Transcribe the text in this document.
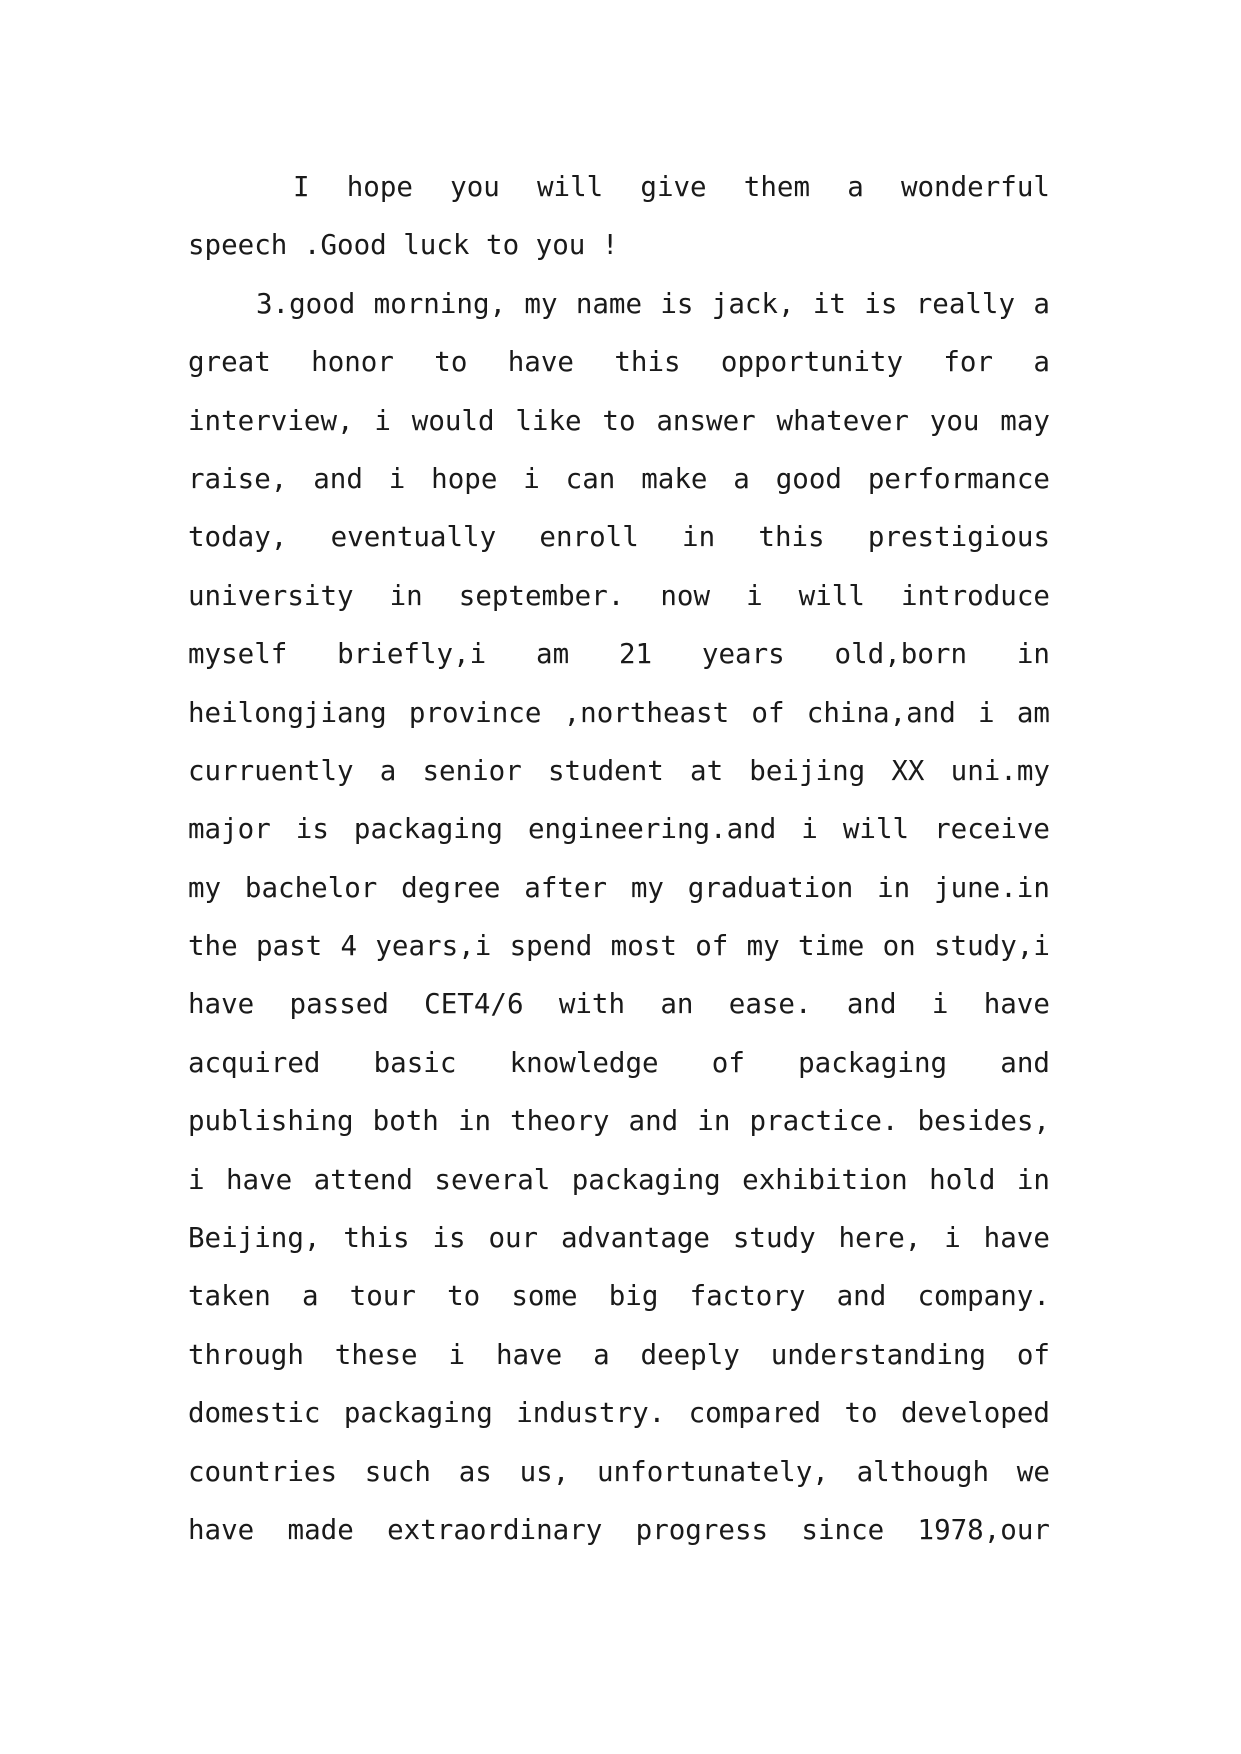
I hope you will give them a wonderful
speech .Good luck to you !
3.good morning, my name is jack, it is really a
great honor to have this opportunity for a
interview, i would like to answer whatever you may
raise, and i hope i can make a good performance
today, eventually enroll in this prestigious
university in september. now i will introduce
myself briefly,i am 21 years old,born in
heilongjiang province ,northeast of china,and i am
curruently a senior student at beijing XX uni.my
major is packaging engineering.and i will receive
my bachelor degree after my graduation in june.in
the past 4 years,i spend most of my time on study,i
have passed CET4/6 with an ease. and i have
acquired basic knowledge of packaging and
publishing both in theory and in practice. besides,
i have attend several packaging exhibition hold in
Beijing, this is our advantage study here, i have
taken a tour to some big factory and company.
through these i have a deeply understanding of
domestic packaging industry. compared to developed
countries such as us, unfortunately, although we
have made extraordinary progress since 1978,our
